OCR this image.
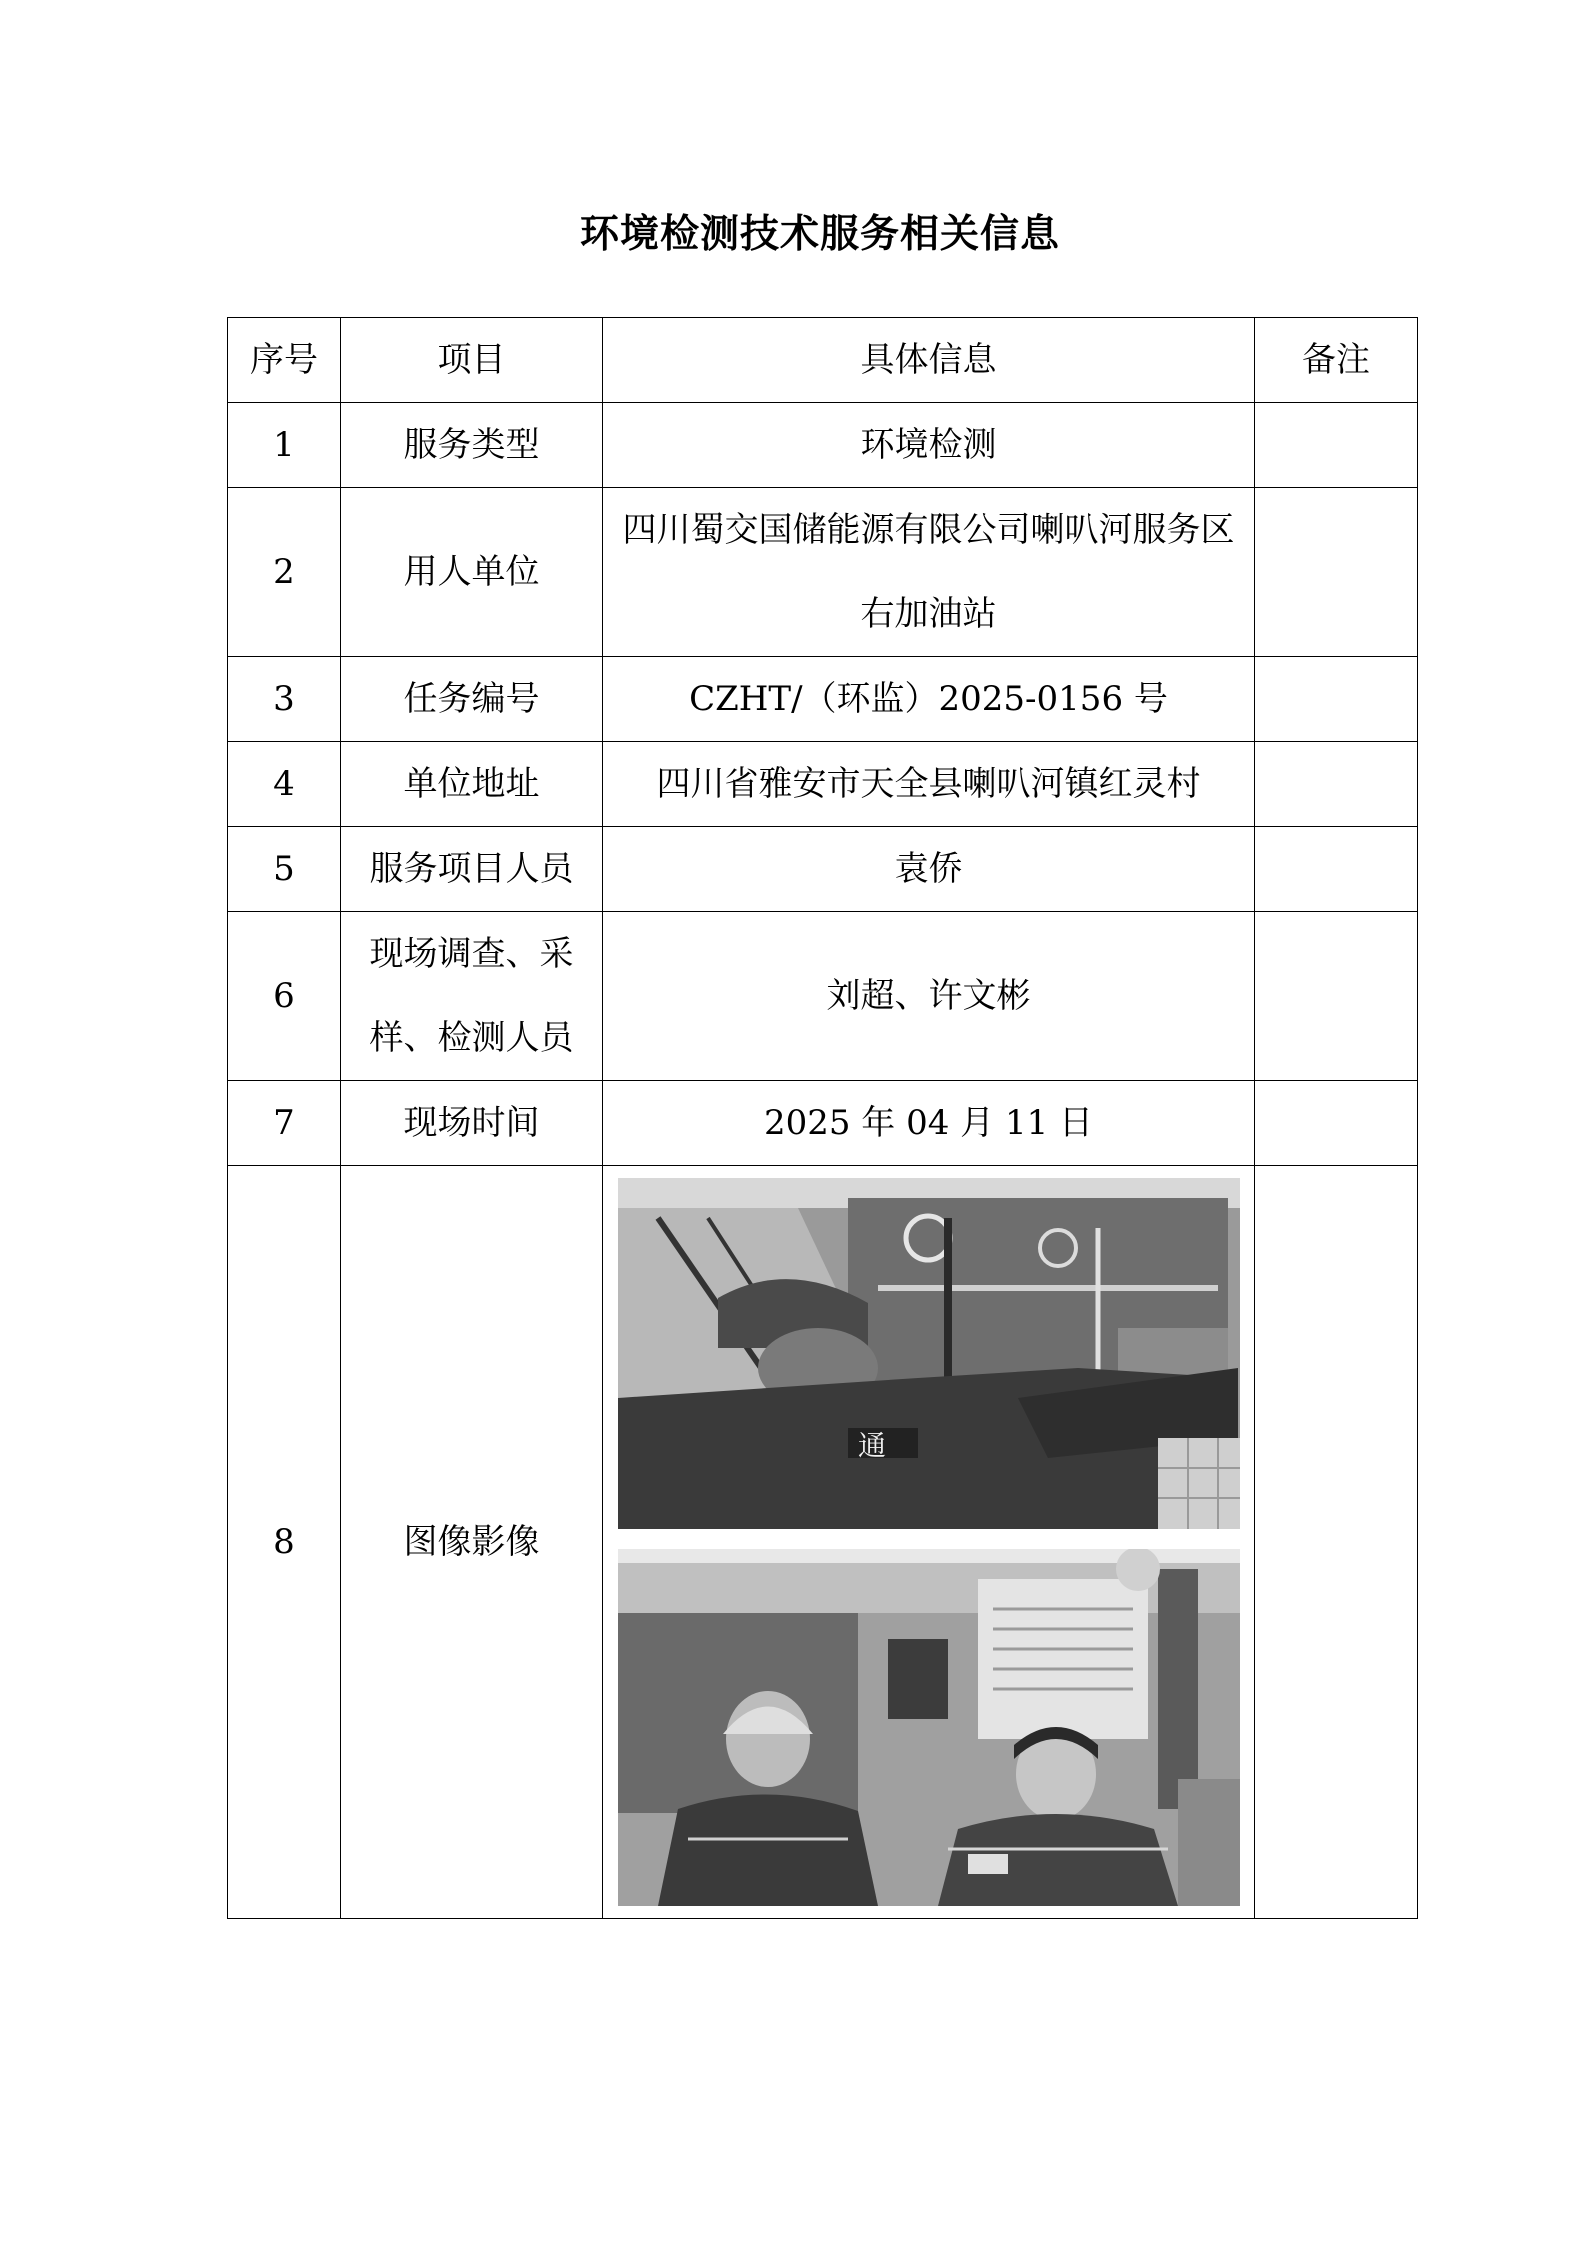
环境检测技术服务相关信息
序号	项目	具体信息	备注
1	服务类型	环境检测	
2	用人单位	四川蜀交国储能源有限公司喇叭河服务区右加油站	
3	任务编号	CZHT/（环监）2025-0156 号	
4	单位地址	四川省雅安市天全县喇叭河镇红灵村	
5	服务项目人员	袁侨	
6	现场调查、采样、检测人员	刘超、许文彬	
7	现场时间	2025 年 04 月 11 日	
8	图像影像	通	
